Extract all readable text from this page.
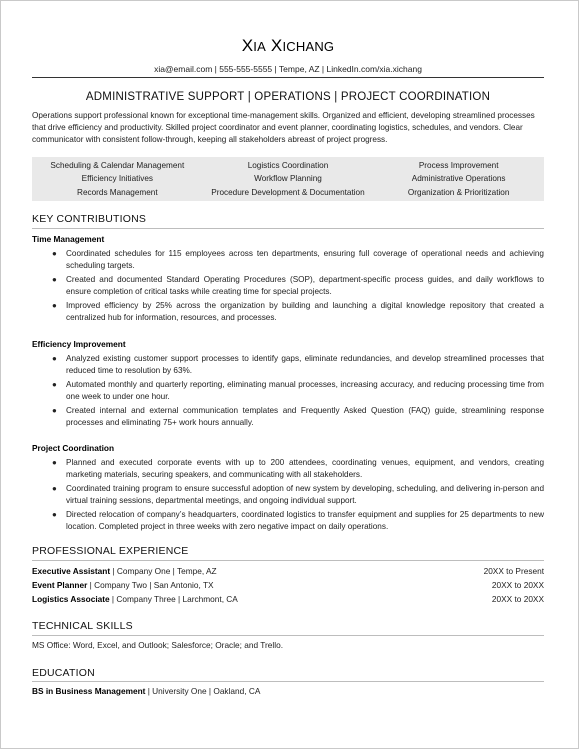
XIA XICHANG
xia@email.com | 555-555-5555 | Tempe, AZ | LinkedIn.com/xia.xichang
ADMINISTRATIVE SUPPORT | OPERATIONS | PROJECT COORDINATION
Operations support professional known for exceptional time-management skills. Organized and efficient, developing streamlined processes that drive efficiency and productivity. Skilled project coordinator and event planner, coordinating logistics, schedules, and vendors. Clear communicator with consistent follow-through, keeping all stakeholders abreast of project progress.
Scheduling & Calendar Management	Logistics Coordination	Process Improvement
Efficiency Initiatives	Workflow Planning	Administrative Operations
Records Management	Procedure Development & Documentation	Organization & Prioritization
KEY CONTRIBUTIONS
Time Management
● Coordinated schedules for 115 employees across ten departments, ensuring full coverage of operational needs and achieving scheduling targets.
● Created and documented Standard Operating Procedures (SOP), department-specific process guides, and daily workflows to ensure completion of critical tasks while creating time for special projects.
● Improved efficiency by 25% across the organization by building and launching a digital knowledge repository that created a centralized hub for information, resources, and processes.
Efficiency Improvement
● Analyzed existing customer support processes to identify gaps, eliminate redundancies, and develop streamlined processes that reduced time to resolution by 63%.
● Automated monthly and quarterly reporting, eliminating manual processes, increasing accuracy, and reducing processing time from one week to under one hour.
● Created internal and external communication templates and Frequently Asked Question (FAQ) guide, streamlining response processes and eliminating 75+ work hours annually.
Project Coordination
● Planned and executed corporate events with up to 200 attendees, coordinating venues, equipment, and vendors, creating marketing materials, securing speakers, and communicating with all stakeholders.
● Coordinated training program to ensure successful adoption of new system by developing, scheduling, and delivering in-person and virtual training sessions, departmental meetings, and ongoing individual support.
● Directed relocation of company’s headquarters, coordinated logistics to transfer equipment and supplies for 25 departments to new location. Completed project in three weeks with zero negative impact on daily operations.
PROFESSIONAL EXPERIENCE
Executive Assistant | Company One | Tempe, AZ	20XX to Present
Event Planner | Company Two | San Antonio, TX	20XX to 20XX
Logistics Associate | Company Three | Larchmont, CA	20XX to 20XX
TECHNICAL SKILLS
MS Office: Word, Excel, and Outlook; Salesforce; Oracle; and Trello.
EDUCATION
BS in Business Management | University One | Oakland, CA
